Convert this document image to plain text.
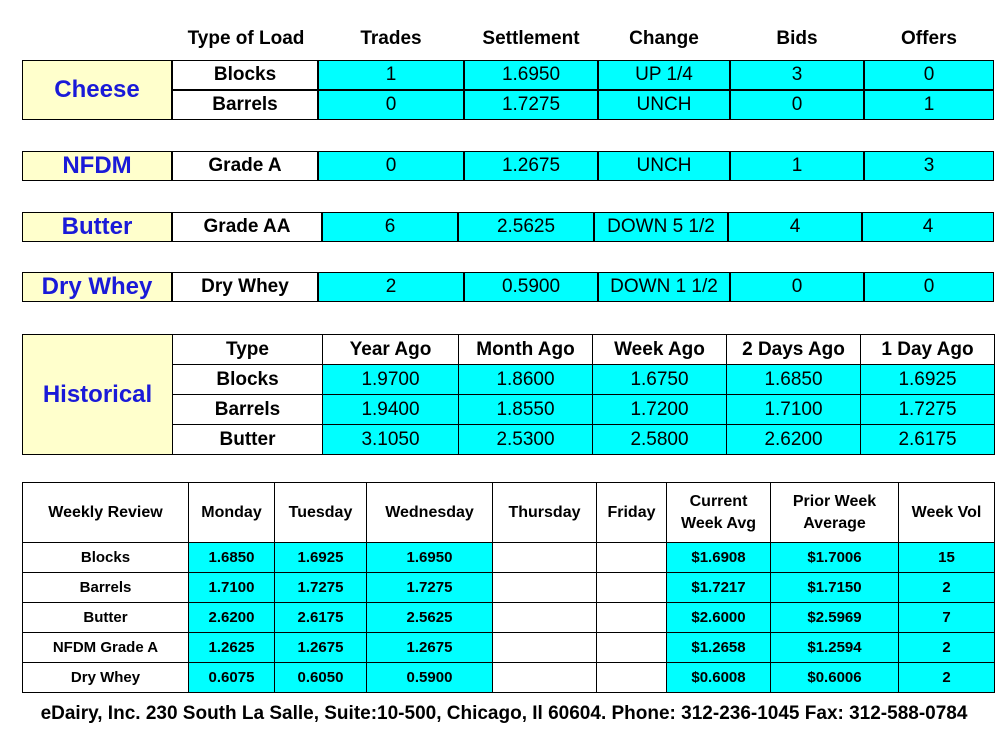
Type of Load	Trades	Settlement	Change	Bids	Offers
Cheese
Blocks	1	1.6950	UP 1/4	3	0
Barrels	0	1.7275	UNCH	0	1
NFDM	Grade A	0	1.2675	UNCH	1	3
Butter	Grade AA	6	2.5625	DOWN 5 1/2	4	4
Dry Whey	Dry Whey	2	0.5900	DOWN 1 1/2	0	0
Historical	Type	Year Ago	Month Ago	Week Ago	2 Days Ago	1 Day Ago
	Blocks	1.9700	1.8600	1.6750	1.6850	1.6925
	Barrels	1.9400	1.8550	1.7200	1.7100	1.7275
	Butter	3.1050	2.5300	2.5800	2.6200	2.6175
Weekly Review	Monday	Tuesday	Wednesday	Thursday	Friday	Current Week Avg	Prior Week Average	Week Vol
Blocks	1.6850	1.6925	1.6950			$1.6908	$1.7006	15
Barrels	1.7100	1.7275	1.7275			$1.7217	$1.7150	2
Butter	2.6200	2.6175	2.5625			$2.6000	$2.5969	7
NFDM Grade A	1.2625	1.2675	1.2675			$1.2658	$1.2594	2
Dry Whey	0.6075	0.6050	0.5900			$0.6008	$0.6006	2
eDairy, Inc. 230 South La Salle, Suite:10-500, Chicago, Il 60604. Phone: 312-236-1045 Fax: 312-588-0784
